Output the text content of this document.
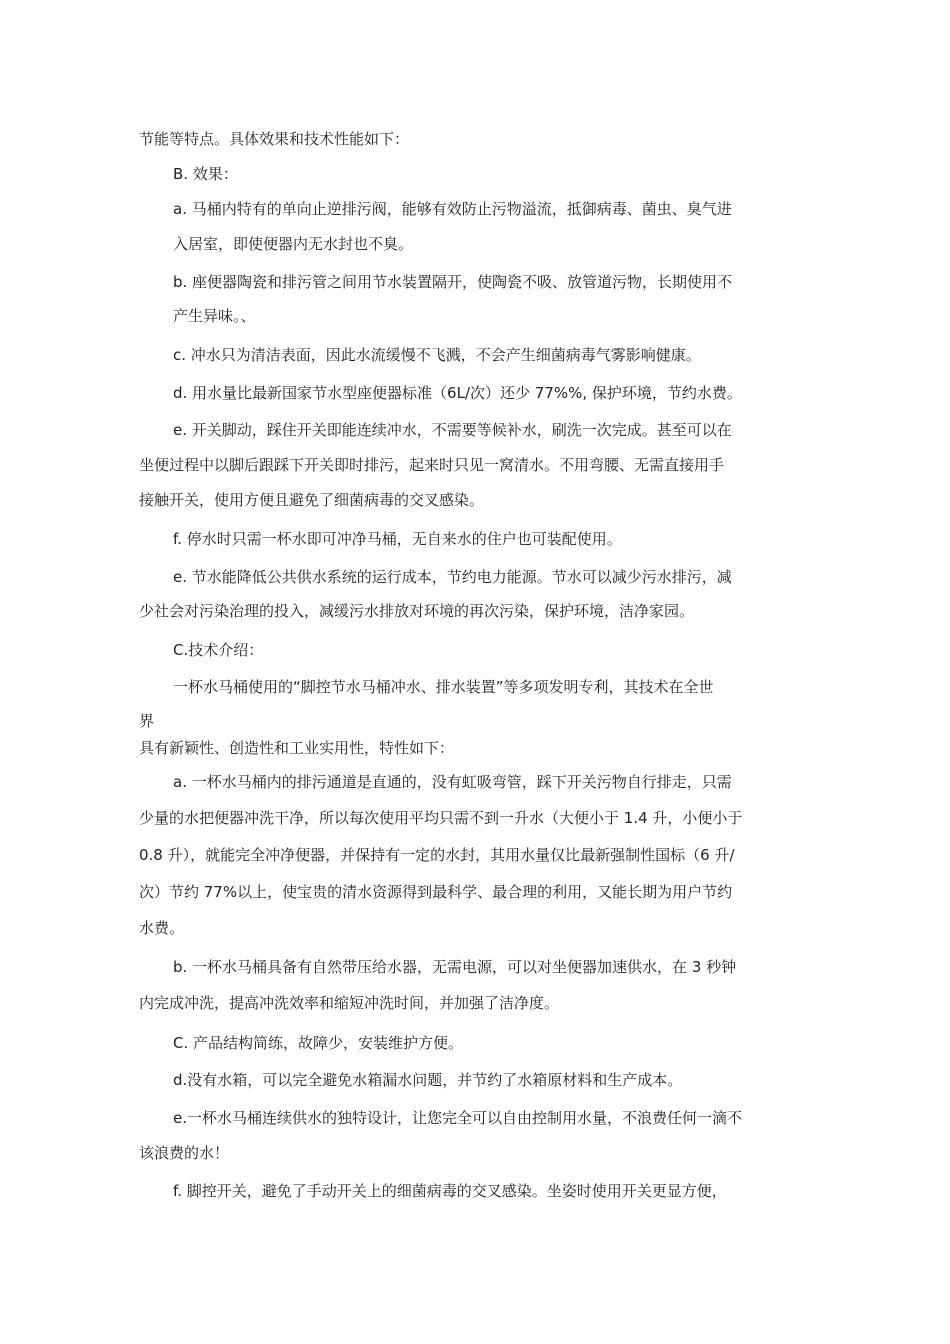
节能等特点。具体效果和技术性能如下：

B. 效果：

a. 马桶内特有的单向止逆排污阀，能够有效防止污物溢流，抵御病毒、菌虫、臭气进

入居室，即使便器内无水封也不臭。

b. 座便器陶瓷和排污管之间用节水装置隔开，使陶瓷不吸、放管道污物，长期使用不

产生异味。、

c. 冲水只为清洁表面，因此水流缓慢不飞溅，不会产生细菌病毒气雾影响健康。

d. 用水量比最新国家节水型座便器标准（6L/次）还少 77%%, 保护环境，节约水费。

e. 开关脚动，踩住开关即能连续冲水，不需要等候补水，刷洗一次完成。甚至可以在

坐便过程中以脚后跟踩下开关即时排污，起来时只见一窝清水。不用弯腰、无需直接用手

接触开关，使用方便且避免了细菌病毒的交叉感染。

f. 停水时只需一杯水即可冲净马桶，无自来水的住户也可装配使用。

e. 节水能降低公共供水系统的运行成本，节约电力能源。节水可以减少污水排污，减

少社会对污染治理的投入，减缓污水排放对环境的再次污染，保护环境，洁净家园。

C.技术介绍：

一杯水马桶使用的“脚控节水马桶冲水、排水装置”等多项发明专利，其技术在全世

界

具有新颖性、创造性和工业实用性，特性如下：

a. 一杯水马桶内的排污通道是直通的，没有虹吸弯管，踩下开关污物自行排走，只需

少量的水把便器冲洗干净，所以每次使用平均只需不到一升水（大便小于 1.4 升，小便小于

0.8 升），就能完全冲净便器，并保持有一定的水封，其用水量仅比最新强制性国标（6 升/

次）节约 77%以上，使宝贵的清水资源得到最科学、最合理的利用，又能长期为用户节约

水费。

b. 一杯水马桶具备有自然带压给水器，无需电源，可以对坐便器加速供水，在 3 秒钟

内完成冲洗，提高冲洗效率和缩短冲洗时间，并加强了洁净度。

C. 产品结构简练，故障少，安装维护方便。

d.没有水箱，可以完全避免水箱漏水问题，并节约了水箱原材料和生产成本。

e.一杯水马桶连续供水的独特设计，让您完全可以自由控制用水量，不浪费任何一滴不

该浪费的水！

f. 脚控开关，避免了手动开关上的细菌病毒的交叉感染。坐姿时使用开关更显方便，
